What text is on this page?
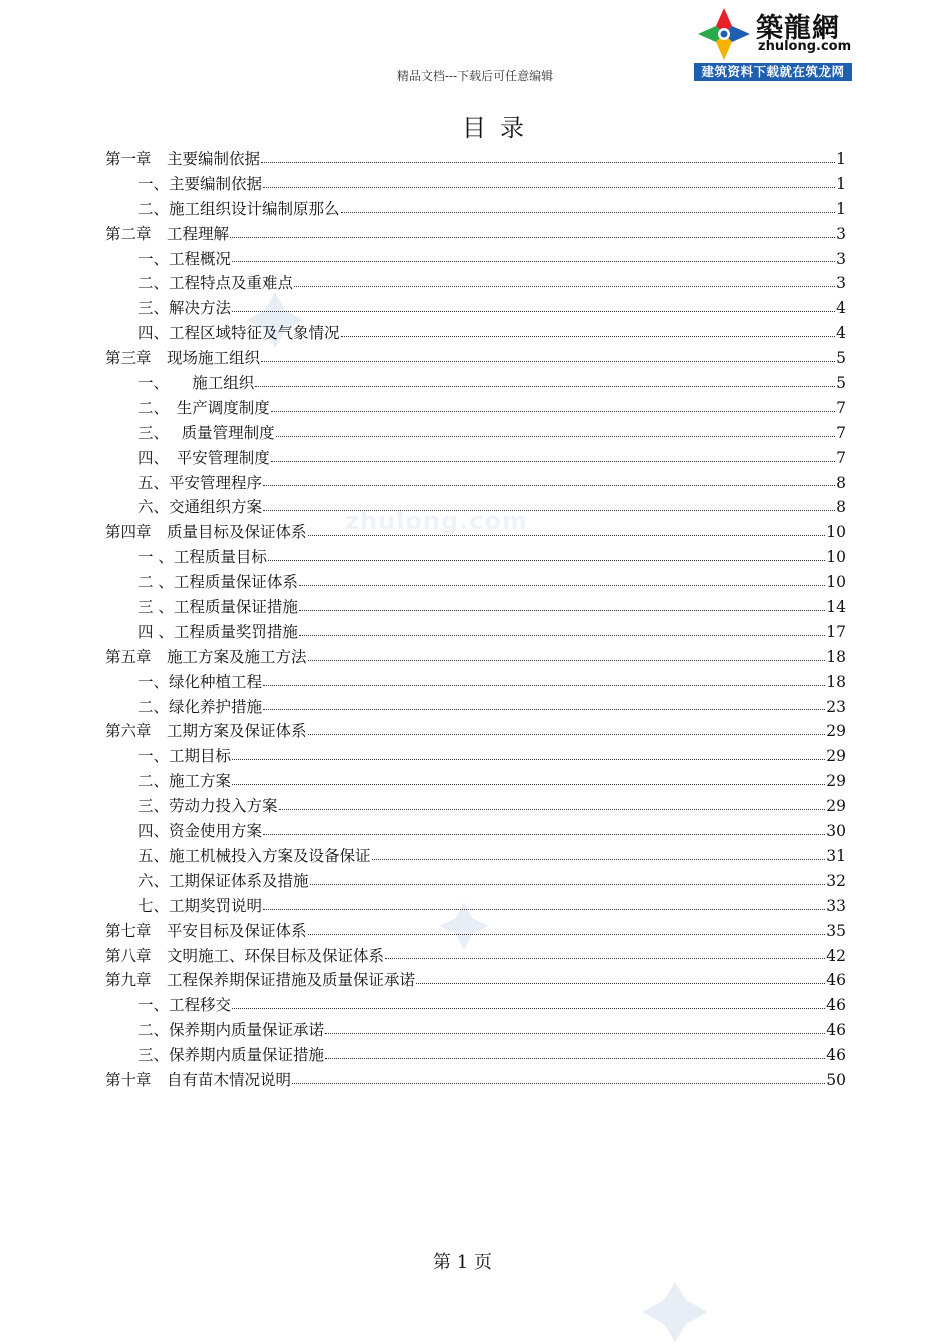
zhulong.com
築龍網
zhulong.com
建筑资料下载就在筑龙网
精品文档---下载后可任意编辑
目录
第一章　主要编制依据	1
一、主要编制依据	1
二、施工组织设计编制原那么	1
第二章　工程理解	3
一、工程概况	3
二、工程特点及重难点	3
三、解决方法	4
四、工程区域特征及气象情况	4
第三章　现场施工组织	5
一、　　施工组织	5
二、　生产调度制度	7
三、　 质量管理制度	7
四、　平安管理制度	7
五、平安管理程序	8
六、交通组织方案	8
第四章　质量目标及保证体系	10
一 、工程质量目标	10
二 、工程质量保证体系	10
三 、工程质量保证措施	14
四 、工程质量奖罚措施	17
第五章　施工方案及施工方法	18
一、绿化种植工程	18
二、绿化养护措施	23
第六章　工期方案及保证体系	29
一、工期目标	29
二、施工方案	29
三、劳动力投入方案	29
四、资金使用方案	30
五、施工机械投入方案及设备保证	31
六、工期保证体系及措施	32
七、工期奖罚说明	33
第七章　平安目标及保证体系	35
第八章　文明施工、环保目标及保证体系	42
第九章　工程保养期保证措施及质量保证承诺	46
一、工程移交	46
二、保养期内质量保证承诺	46
三、保养期内质量保证措施	46
第十章　自有苗木情况说明	50
第 1 页
